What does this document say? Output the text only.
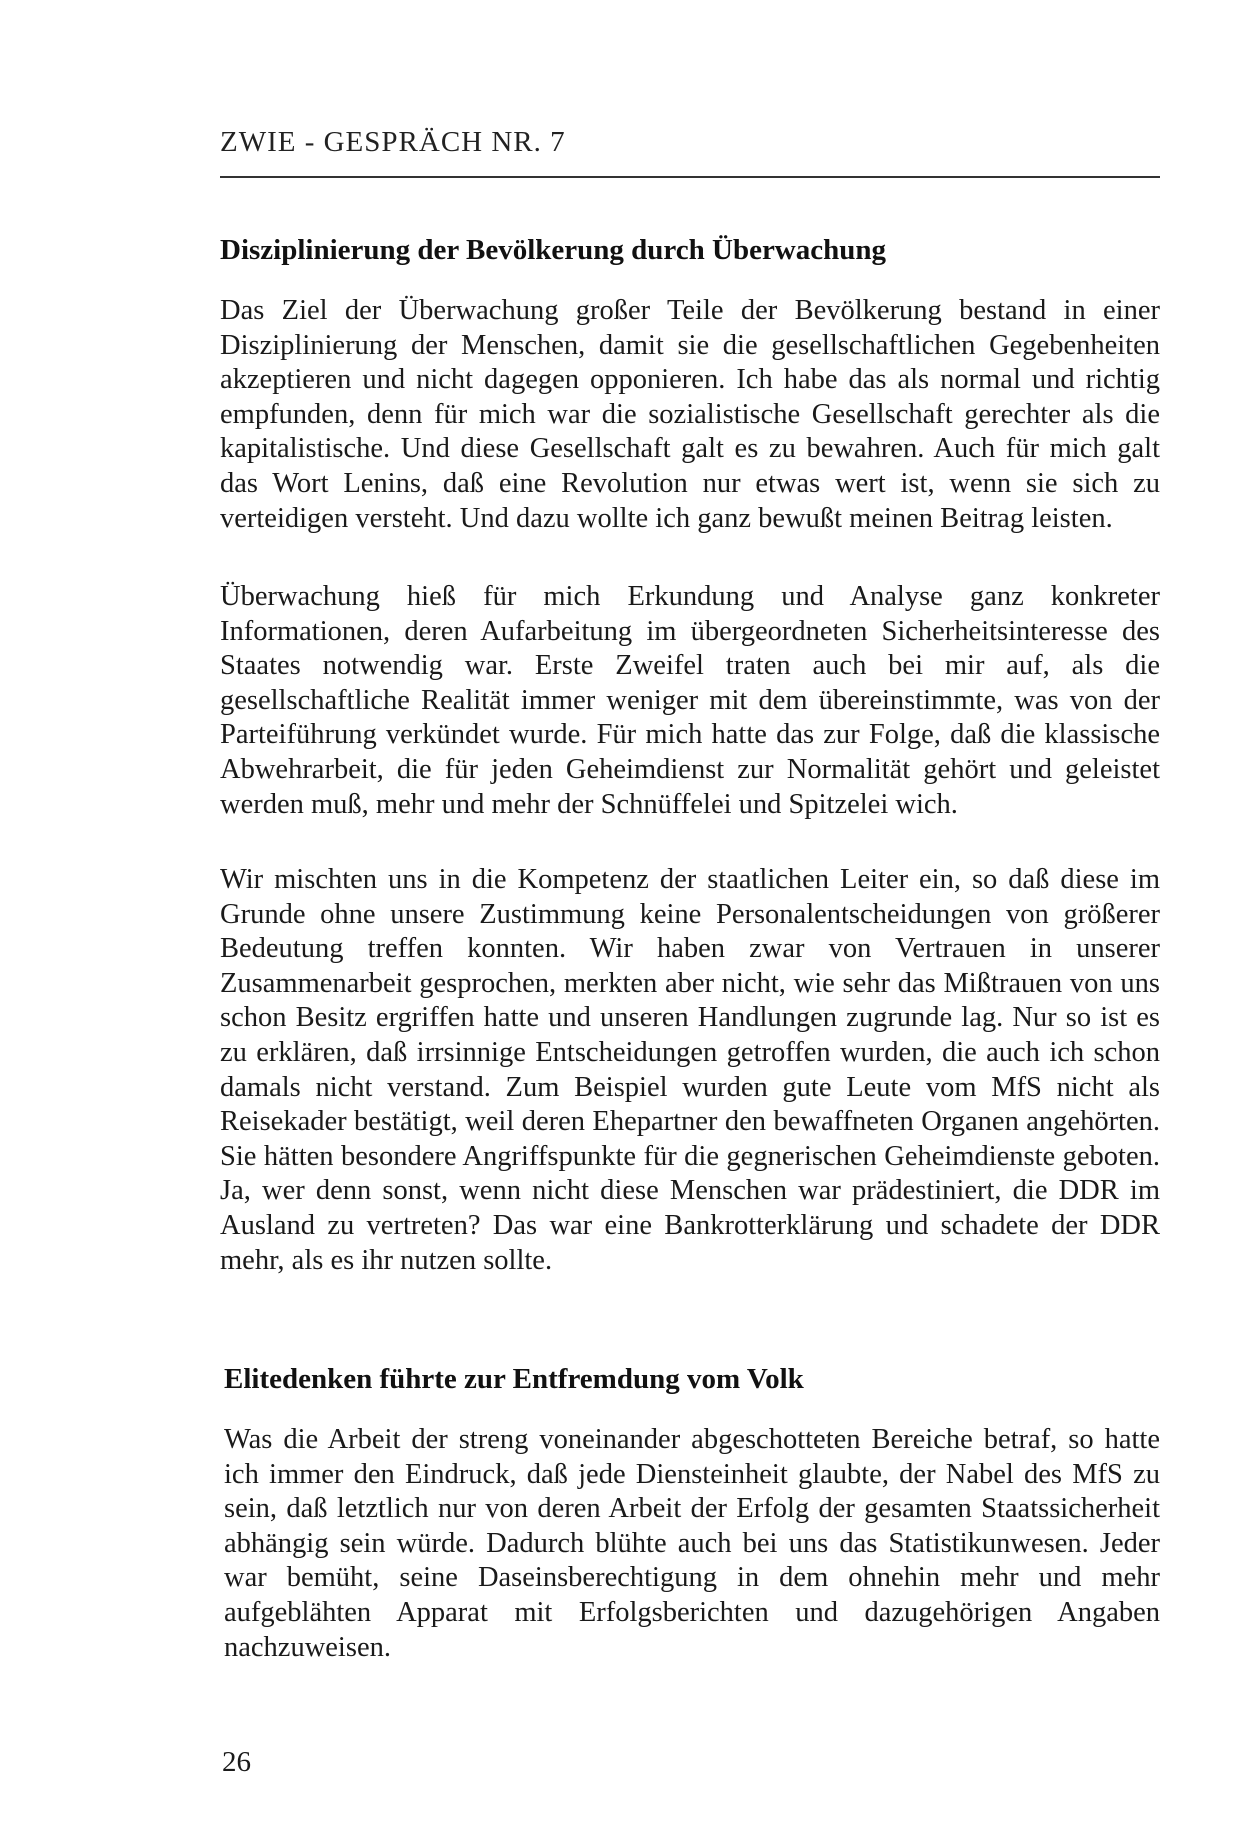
ZWIE - GESPRÄCH NR. 7
Disziplinierung der Bevölkerung durch Überwachung

Das Ziel der Überwachung großer Teile der Bevölkerung bestand in einer Disziplinierung der Menschen, damit sie die gesellschaftlichen Gegebenheiten akzeptieren und nicht dagegen opponieren. Ich habe das als normal und richtig empfunden, denn für mich war die sozialistische Gesellschaft gerechter als die kapitalistische. Und diese Gesellschaft galt es zu bewahren. Auch für mich galt das Wort Lenins, daß eine Revolution nur etwas wert ist, wenn sie sich zu verteidigen versteht. Und dazu wollte ich ganz bewußt meinen Beitrag leisten.

Überwachung hieß für mich Erkundung und Analyse ganz konkreter Informationen, deren Aufarbeitung im übergeordneten Sicherheitsinteresse des Staates notwendig war. Erste Zweifel traten auch bei mir auf, als die gesellschaftliche Realität immer weniger mit dem übereinstimmte, was von der Parteiführung verkündet wurde. Für mich hatte das zur Folge, daß die klassische Abwehrarbeit, die für jeden Geheimdienst zur Normalität gehört und geleistet werden muß, mehr und mehr der Schnüffelei und Spitzelei wich.

Wir mischten uns in die Kompetenz der staatlichen Leiter ein, so daß diese im Grunde ohne unsere Zustimmung keine Personalentscheidungen von größerer Bedeutung treffen konnten. Wir haben zwar von Vertrauen in unserer Zusammenarbeit gesprochen, merkten aber nicht, wie sehr das Mißtrauen von uns schon Besitz ergriffen hatte und unseren Handlungen zugrunde lag. Nur so ist es zu erklären, daß irrsinnige Entscheidungen getroffen wurden, die auch ich schon damals nicht verstand. Zum Beispiel wurden gute Leute vom MfS nicht als Reisekader bestätigt, weil deren Ehepartner den bewaffneten Organen angehörten. Sie hätten besondere Angriffspunkte für die gegnerischen Geheimdienste geboten. Ja, wer denn sonst, wenn nicht diese Menschen war prädestiniert, die DDR im Ausland zu vertreten? Das war eine Bankrotterklärung und schadete der DDR mehr, als es ihr nutzen sollte.

Elitedenken führte zur Entfremdung vom Volk

Was die Arbeit der streng voneinander abgeschotteten Bereiche betraf, so hatte ich immer den Eindruck, daß jede Diensteinheit glaubte, der Nabel des MfS zu sein, daß letztlich nur von deren Arbeit der Erfolg der gesamten Staatssicherheit abhängig sein würde. Dadurch blühte auch bei uns das Statistikunwesen. Jeder war bemüht, seine Daseinsberechtigung in dem ohnehin mehr und mehr aufgeblähten Apparat mit Erfolgsberichten und dazugehörigen Angaben nachzuweisen.

26
